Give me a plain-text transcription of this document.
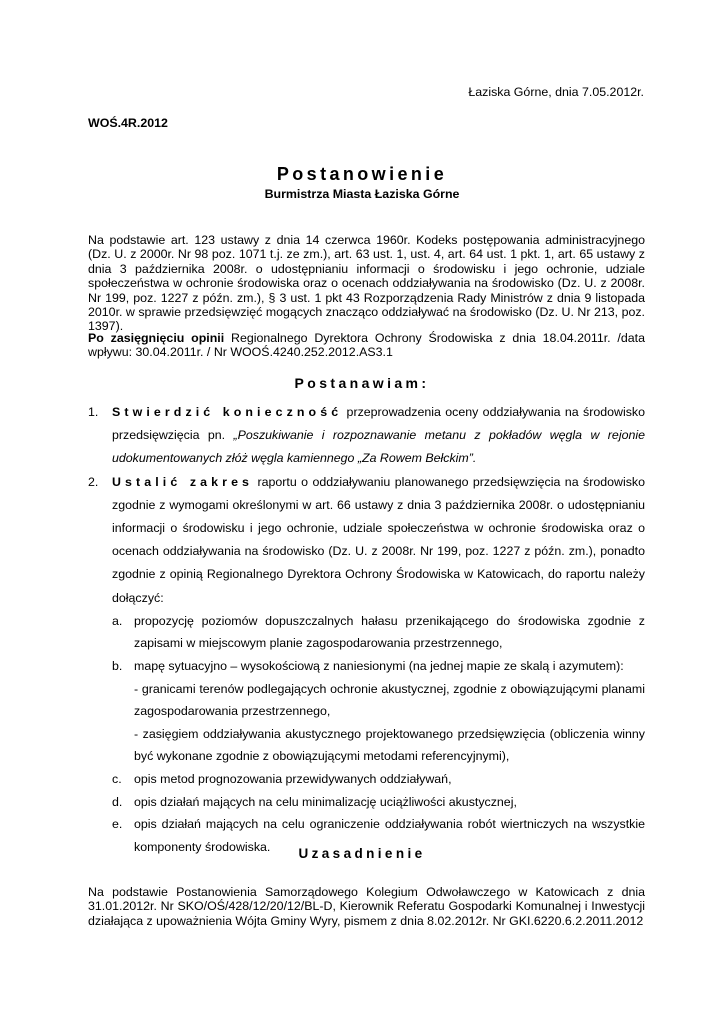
Łaziska Górne, dnia 7.05.2012r.
WOŚ.4R.2012
Postanowienie
Burmistrza Miasta Łaziska Górne
Na podstawie art. 123 ustawy z dnia 14 czerwca 1960r. Kodeks postępowania administracyjnego (Dz. U. z 2000r. Nr 98 poz. 1071 t.j. ze zm.), art. 63 ust. 1, ust. 4, art. 64 ust. 1 pkt. 1, art. 65 ustawy z dnia 3 października 2008r. o udostępnianiu informacji o środowisku i jego ochronie, udziale społeczeństwa w ochronie środowiska oraz o ocenach oddziaływania na środowisko (Dz. U. z 2008r. Nr 199, poz. 1227 z późn. zm.), § 3 ust. 1 pkt 43 Rozporządzenia Rady Ministrów z dnia 9 listopada 2010r. w sprawie przedsięwzięć mogących znacząco oddziaływać na środowisko (Dz. U. Nr 213, poz. 1397).
Po zasięgnięciu opinii Regionalnego Dyrektora Ochrony Środowiska z dnia 18.04.2011r. /data wpływu: 30.04.2011r. / Nr WOOŚ.4240.252.2012.AS3.1
Postanawiam:
1. Stwierdzić konieczność przeprowadzenia oceny oddziaływania na środowisko przedsięwzięcia pn. „Poszukiwanie i rozpoznawanie metanu z pokładów węgla w rejonie udokumentowanych złóż węgla kamiennego „Za Rowem Bełckim”.
2. Ustalić zakres raportu o oddziaływaniu planowanego przedsięwzięcia na środowisko zgodnie z wymogami określonymi w art. 66 ustawy z dnia 3 października 2008r. o udostępnianiu informacji o środowisku i jego ochronie, udziale społeczeństwa w ochronie środowiska oraz o ocenach oddziaływania na środowisko (Dz. U. z 2008r. Nr 199, poz. 1227 z późn. zm.), ponadto zgodnie z opinią Regionalnego Dyrektora Ochrony Środowiska w Katowicach, do raportu należy dołączyć:
a. propozycję poziomów dopuszczalnych hałasu przenikającego do środowiska zgodnie z zapisami w miejscowym planie zagospodarowania przestrzennego,
b. mapę sytuacyjno – wysokościową z naniesionymi (na jednej mapie ze skalą i azymutem):
- granicami terenów podlegających ochronie akustycznej, zgodnie z obowiązującymi planami zagospodarowania przestrzennego,
- zasięgiem oddziaływania akustycznego projektowanego przedsięwzięcia (obliczenia winny być wykonane zgodnie z obowiązującymi metodami referencyjnymi),
c. opis metod prognozowania przewidywanych oddziaływań,
d. opis działań mających na celu minimalizację uciążliwości akustycznej,
e. opis działań mających na celu ograniczenie oddziaływania robót wiertniczych na wszystkie komponenty środowiska.	Uzasadnienie
Na podstawie Postanowienia Samorządowego Kolegium Odwoławczego w Katowicach z dnia 31.01.2012r. Nr SKO/OŚ/428/12/20/12/BL-D, Kierownik Referatu Gospodarki Komunalnej i Inwestycji działająca z upoważnienia Wójta Gminy Wyry, pismem z dnia 8.02.2012r. Nr GKI.6220.6.2.2011.2012
